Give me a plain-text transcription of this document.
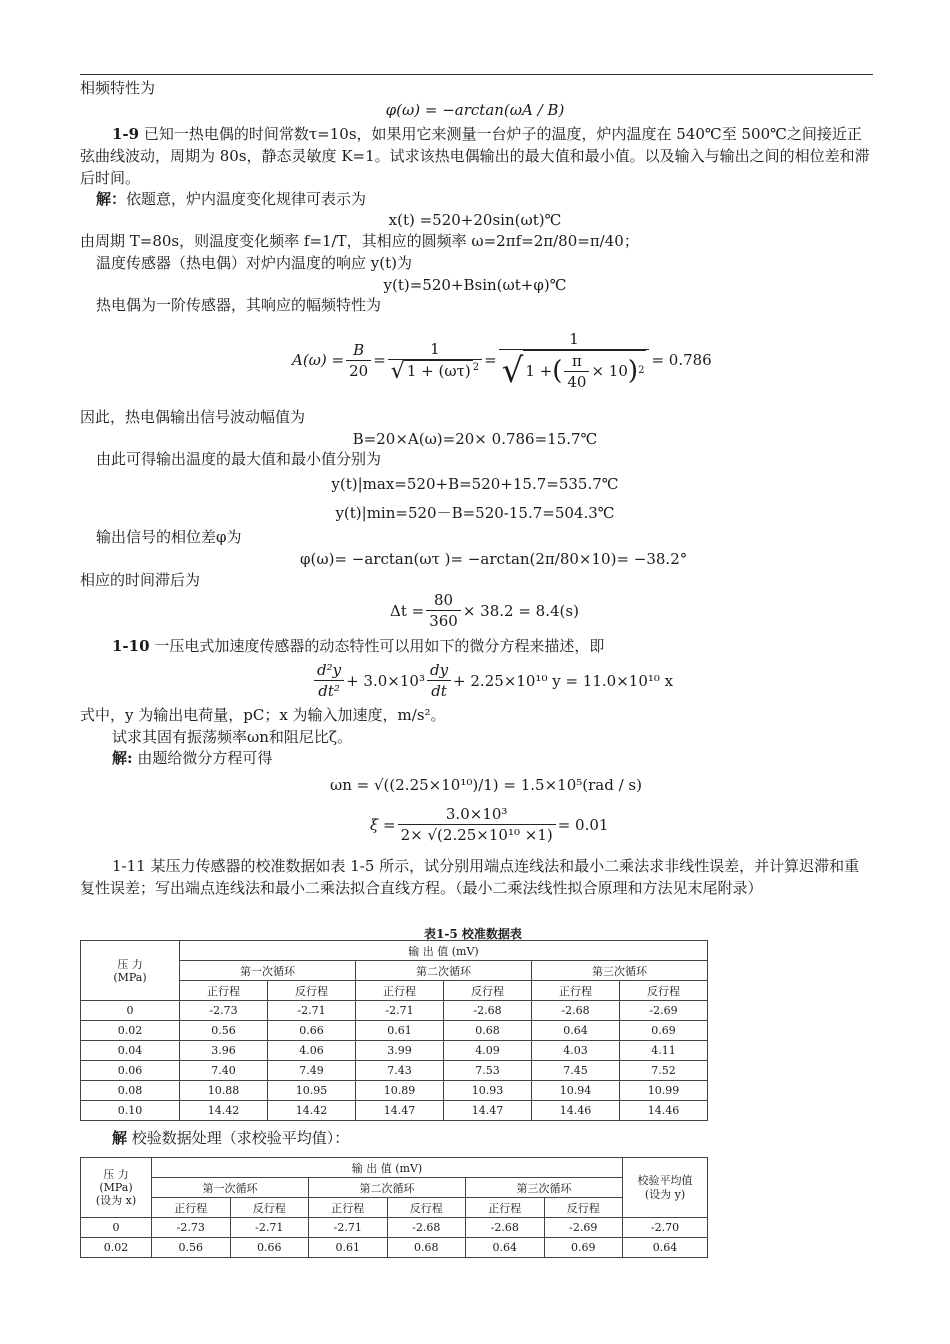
相频特性为
φ(ω) = −arctan(ωA / B)
1-9 已知一热电偶的时间常数τ=10s，如果用它来测量一台炉子的温度，炉内温度在 540℃至 500℃之间接近正弦曲线波动，周期为 80s，静态灵敏度 K=1。试求该热电偶输出的最大值和最小值。以及输入与输出之间的相位差和滞后时间。
解：依题意，炉内温度变化规律可表示为
x(t) =520+20sin(ωt)℃
由周期 T=80s，则温度变化频率 f=1/T，其相应的圆频率 ω=2πf=2π/80=π/40；
温度传感器（热电偶）对炉内温度的响应 y(t)为
y(t)=520+Bsin(ωt+φ)℃
热电偶为一阶传感器，其响应的幅频特性为
$A(\omega) = \frac{B}{20} = \frac{1}{√ 1 + (\omega\tau) ^2} = \frac{1}{√ 1 + ( \frac{\pi}{40} \times 10 ) 2} = 0.786$
因此，热电偶输出信号波动幅值为
B=20×A(ω)=20× 0.786=15.7℃
由此可得输出温度的最大值和最小值分别为
y(t)|max=520+B=520+15.7=535.7℃
y(t)|min=520－B=520-15.7=504.3℃
输出信号的相位差φ为
φ(ω)= −arctan(ωτ )= −arctan(2π/80×10)= −38.2°
相应的时间滞后为
$\Delta t = \frac{80}{360} \times 38.2 = 8.4(s)$
1-10 一压电式加速度传感器的动态特性可以用如下的微分方程来描述，即
$\frac{\text{d²y}}{\text{dt²}} + 3.0\times 10^3 \frac{dy}{dt} + 2.25\times 10^{10}$ y = 11.0×10¹⁰ x
式中，y 为输出电荷量，pC；x 为输入加速度，m/s²。
试求其固有振荡频率ωn和阻尼比ζ。
解: 由题给微分方程可得
ωn = √((2.25×10¹⁰)/1) = 1.5×10⁵(rad / s)
$\xi = \frac{\text{3.0×10³}}{\text{2× √(2.25×10¹⁰ ×1)}} = 0.01$
1-11 某压力传感器的校准数据如表 1-5 所示，试分别用端点连线法和最小二乘法求非线性误差，并计算迟滞和重复性误差；写出端点连线法和最小二乘法拟合直线方程。（最小二乘法线性拟合原理和方法见末尾附录）
表1-5 校准数据表
压 力
(MPa)	输 出 值 (mV)					
	第一次循环		第二次循环		第三次循环	
	正行程	反行程	正行程	反行程	正行程	反行程
0	-2.73	-2.71	-2.71	-2.68	-2.68	-2.69
0.02	0.56	0.66	0.61	0.68	0.64	0.69
0.04	3.96	4.06	3.99	4.09	4.03	4.11
0.06	7.40	7.49	7.43	7.53	7.45	7.52
0.08	10.88	10.95	10.89	10.93	10.94	10.99
0.10	14.42	14.42	14.47	14.47	14.46	14.46
解 校验数据处理（求校验平均值）：
压 力
(MPa)
(设为 x)	输 出 值 (mV)						校验平均值
(设为 y)
	第一次循环		第二次循环		第三次循环		
	正行程	反行程	正行程	反行程	正行程	反行程	
0	-2.73	-2.71	-2.71	-2.68	-2.68	-2.69	-2.70
0.02	0.56	0.66	0.61	0.68	0.64	0.69	0.64
